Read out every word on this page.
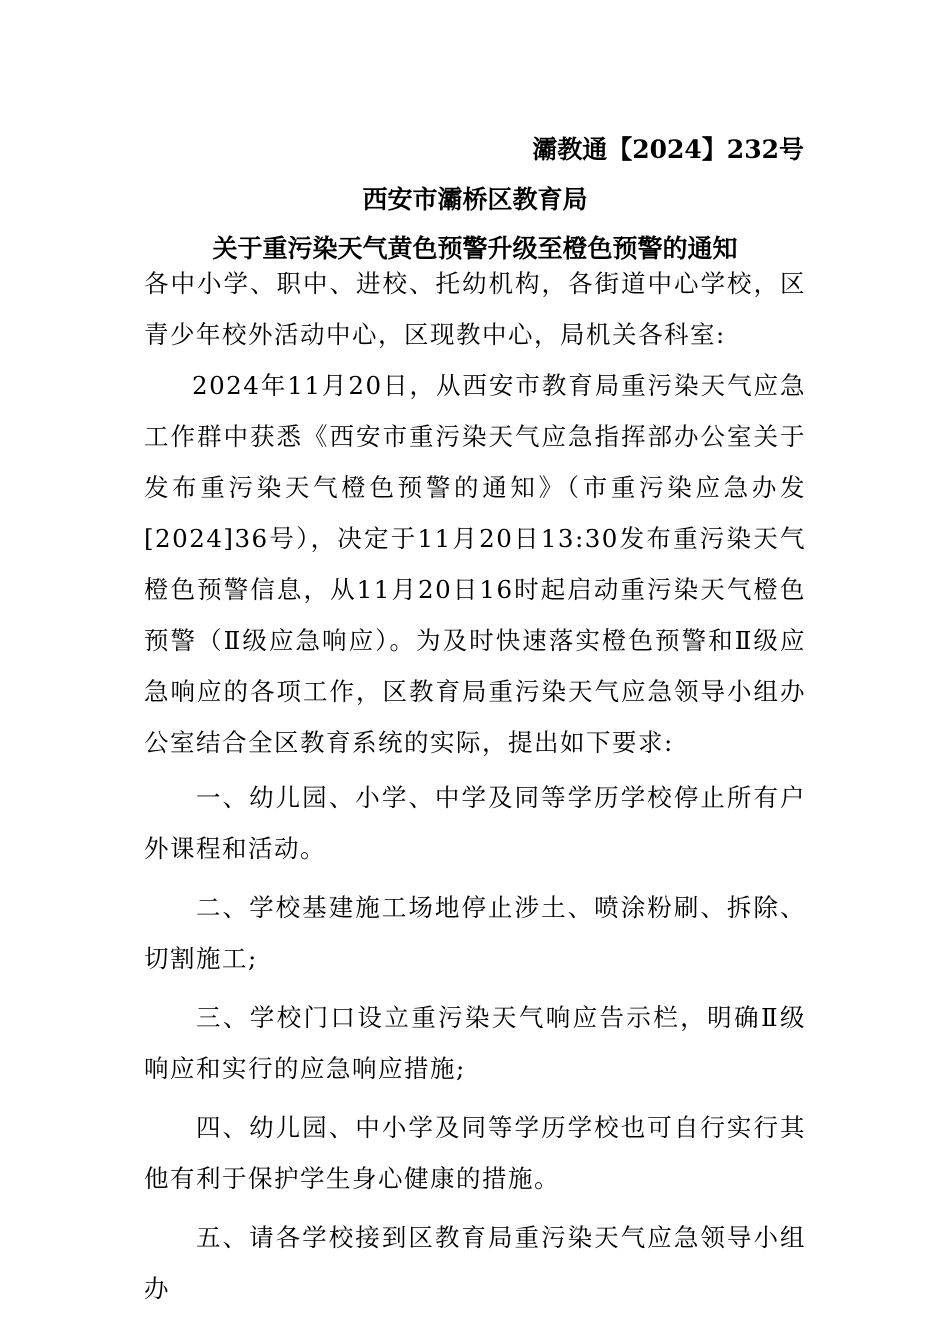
灞教通【2024】232号
西安市灞桥区教育局
关于重污染天气黄色预警升级至橙色预警的通知

各中小学、职中、进校、托幼机构，各街道中心学校，区青少年校外活动中心，区现教中心，局机关各科室:

2024年11月20日，从西安市教育局重污染天气应急工作群中获悉《西安市重污染天气应急指挥部办公室关于发布重污染天气橙色预警的通知》（市重污染应急办发[2024]36号），决定于11月20日13:30发布重污染天气橙色预警信息，从11月20日16时起启动重污染天气橙色预警（Ⅱ级应急响应）。为及时快速落实橙色预警和Ⅱ级应急响应的各项工作，区教育局重污染天气应急领导小组办公室结合全区教育系统的实际，提出如下要求:

一、幼儿园、小学、中学及同等学历学校停止所有户外课程和活动。

二、学校基建施工场地停止涉土、喷涂粉刷、拆除、切割施工;

三、学校门口设立重污染天气响应告示栏，明确Ⅱ级响应和实行的应急响应措施;

四、幼儿园、中小学及同等学历学校也可自行实行其他有利于保护学生身心健康的措施。

五、请各学校接到区教育局重污染天气应急领导小组办
